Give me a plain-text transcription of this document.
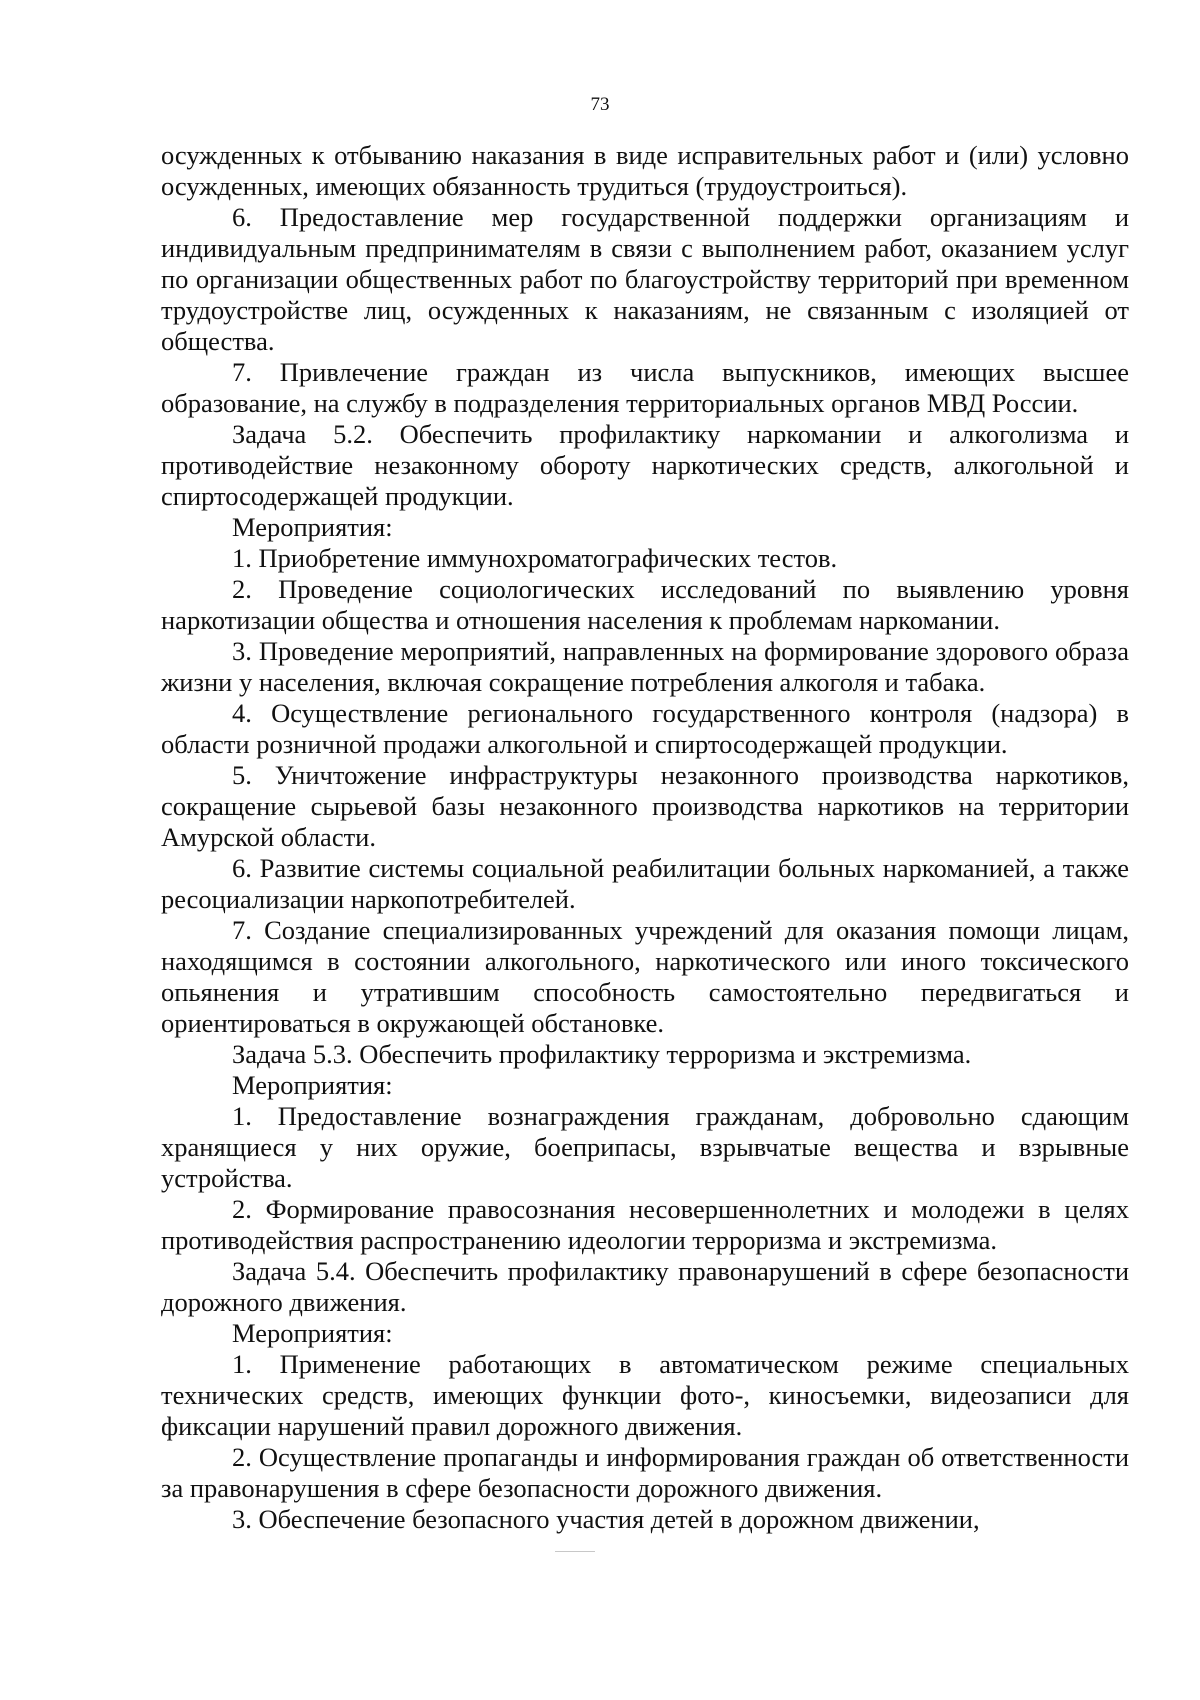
73

осужденных к отбыванию наказания в виде исправительных работ и (или) условно осужденных, имеющих обязанность трудиться (трудоустроиться).

6. Предоставление мер государственной поддержки организациям и индивидуальным предпринимателям в связи с выполнением работ, оказанием услуг по организации общественных работ по благоустройству территорий при временном трудоустройстве лиц, осужденных к наказаниям, не связанным с изоляцией от общества.

7. Привлечение граждан из числа выпускников, имеющих высшее образование, на службу в подразделения территориальных органов МВД России.

Задача 5.2. Обеспечить профилактику наркомании и алкоголизма и противодействие незаконному обороту наркотических средств, алкогольной и спиртосодержащей продукции.

Мероприятия:

1. Приобретение иммунохроматографических тестов.

2. Проведение социологических исследований по выявлению уровня наркотизации общества и отношения населения к проблемам наркомании.

3. Проведение мероприятий, направленных на формирование здорового образа жизни у населения, включая сокращение потребления алкоголя и табака.

4. Осуществление регионального государственного контроля (надзора) в области розничной продажи алкогольной и спиртосодержащей продукции.

5. Уничтожение инфраструктуры незаконного производства наркотиков, сокращение сырьевой базы незаконного производства наркотиков на территории Амурской области.

6. Развитие системы социальной реабилитации больных наркоманией, а также ресоциализации наркопотребителей.

7. Создание специализированных учреждений для оказания помощи лицам, находящимся в состоянии алкогольного, наркотического или иного токсического опьянения и утратившим способность самостоятельно передвигаться и ориентироваться в окружающей обстановке.

Задача 5.3. Обеспечить профилактику терроризма и экстремизма.

Мероприятия:

1. Предоставление вознаграждения гражданам, добровольно сдающим хранящиеся у них оружие, боеприпасы, взрывчатые вещества и взрывные устройства.

2. Формирование правосознания несовершеннолетних и молодежи в целях противодействия распространению идеологии терроризма и экстремизма.

Задача 5.4. Обеспечить профилактику правонарушений в сфере безопасности дорожного движения.

Мероприятия:

1. Применение работающих в автоматическом режиме специальных технических средств, имеющих функции фото-, киносъемки, видеозаписи для фиксации нарушений правил дорожного движения.

2. Осуществление пропаганды и информирования граждан об ответственности за правонарушения в сфере безопасности дорожного движения.

3. Обеспечение безопасного участия детей в дорожном движении,
